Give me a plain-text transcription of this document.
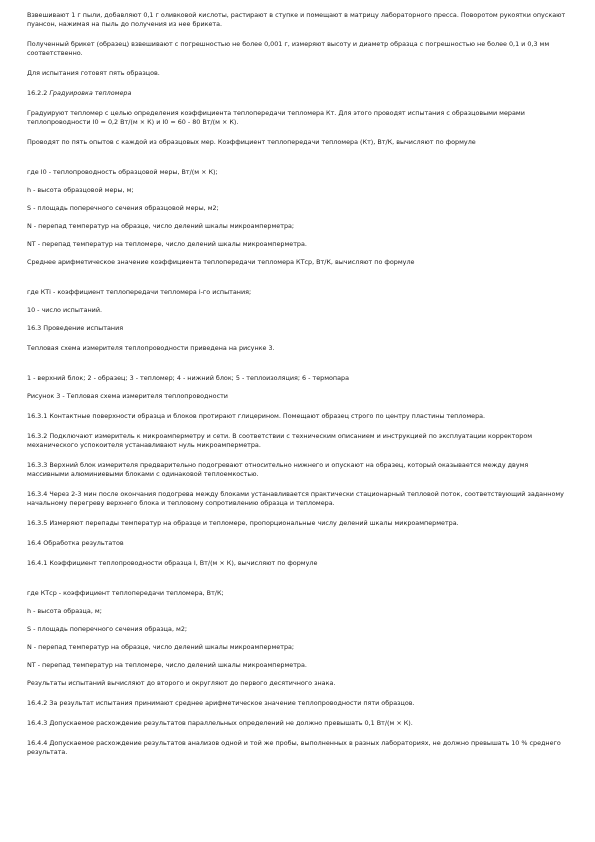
Взвешивают 1 г пыли, добавляют 0,1 г оливковой кислоты, растирают в ступке и помещают в матрицу лабораторного пресса. Поворотом рукоятки опускают пуансон, нажимая на пыль до получения из нее брикета.

Полученный брикет (образец) взвешивают с погрешностью не более 0,001 г, измеряют высоту и диаметр образца с погрешностью не более 0,1 и 0,3 мм соответственно.

Для испытания готовят пять образцов.

16.2.2 Градуировка тепломера

Градуируют тепломер с целью определения коэффициента теплопередачи тепломера Кт. Для этого проводят испытания с образцовыми мерами теплопроводности I0 = 0,2 Вт/(м × К) и I0 = 60 - 80 Вт/(м × К).

Проводят по пять опытов с каждой из образцовых мер. Коэффициент теплопередачи тепломера (Кт), Вт/К, вычисляют по формуле

где I0 - теплопроводность образцовой меры, Вт/(м × К);

h - высота образцовой меры, м;

S - площадь поперечного сечения образцовой меры, м2;

N - перепад температур на образце, число делений шкалы микроамперметра;

NT - перепад температур на тепломере, число делений шкалы микроамперметра.

Среднее арифметическое значение коэффициента теплопередачи тепломера КТср, Вт/К, вычисляют по формуле

где КТi - коэффициент теплопередачи тепломера i-го испытания;

10 - число испытаний.

16.3 Проведение испытания

Тепловая схема измерителя теплопроводности приведена на рисунке 3.

1 - верхний блок; 2 - образец; 3 - тепломер; 4 - нижний блок; 5 - теплоизоляция; 6 - термопара

Рисунок 3 - Тепловая схема измерителя теплопроводности

16.3.1 Контактные поверхности образца и блоков протирают глицерином. Помещают образец строго по центру пластины тепломера.

16.3.2 Подключают измеритель к микроамперметру и сети. В соответствии с техническим описанием и инструкцией по эксплуатации корректором механического успокоителя устанавливают нуль микроамперметра.

16.3.3 Верхний блок измерителя предварительно подогревают относительно нижнего и опускают на образец, который оказывается между двумя массивными алюминиевыми блоками с одинаковой теплоемкостью.

16.3.4 Через 2-3 мин после окончания подогрева между блоками устанавливается практически стационарный тепловой поток, соответствующий заданному начальному перегреву верхнего блока и тепловому сопротивлению образца и тепломера.

16.3.5 Измеряют перепады температур на образце и тепломере, пропорциональные числу делений шкалы микроамперметра.

16.4 Обработка результатов

16.4.1 Коэффициент теплопроводности образца I, Вт/(м × К), вычисляют по формуле

где КТср - коэффициент теплопередачи тепломера, Вт/К;

h - высота образца, м;

S - площадь поперечного сечения образца, м2;

N - перепад температур на образце, число делений шкалы микроамперметра;

NT - перепад температур на тепломере, число делений шкалы микроамперметра.

Результаты испытаний вычисляют до второго и округляют до первого десятичного знака.

16.4.2 За результат испытания принимают среднее арифметическое значение теплопроводности пяти образцов.

16.4.3 Допускаемое расхождение результатов параллельных определений не должно превышать 0,1 Вт/(м × К).

16.4.4 Допускаемое расхождение результатов анализов одной и той же пробы, выполненных в разных лабораториях, не должно превышать 10 % среднего результата.
